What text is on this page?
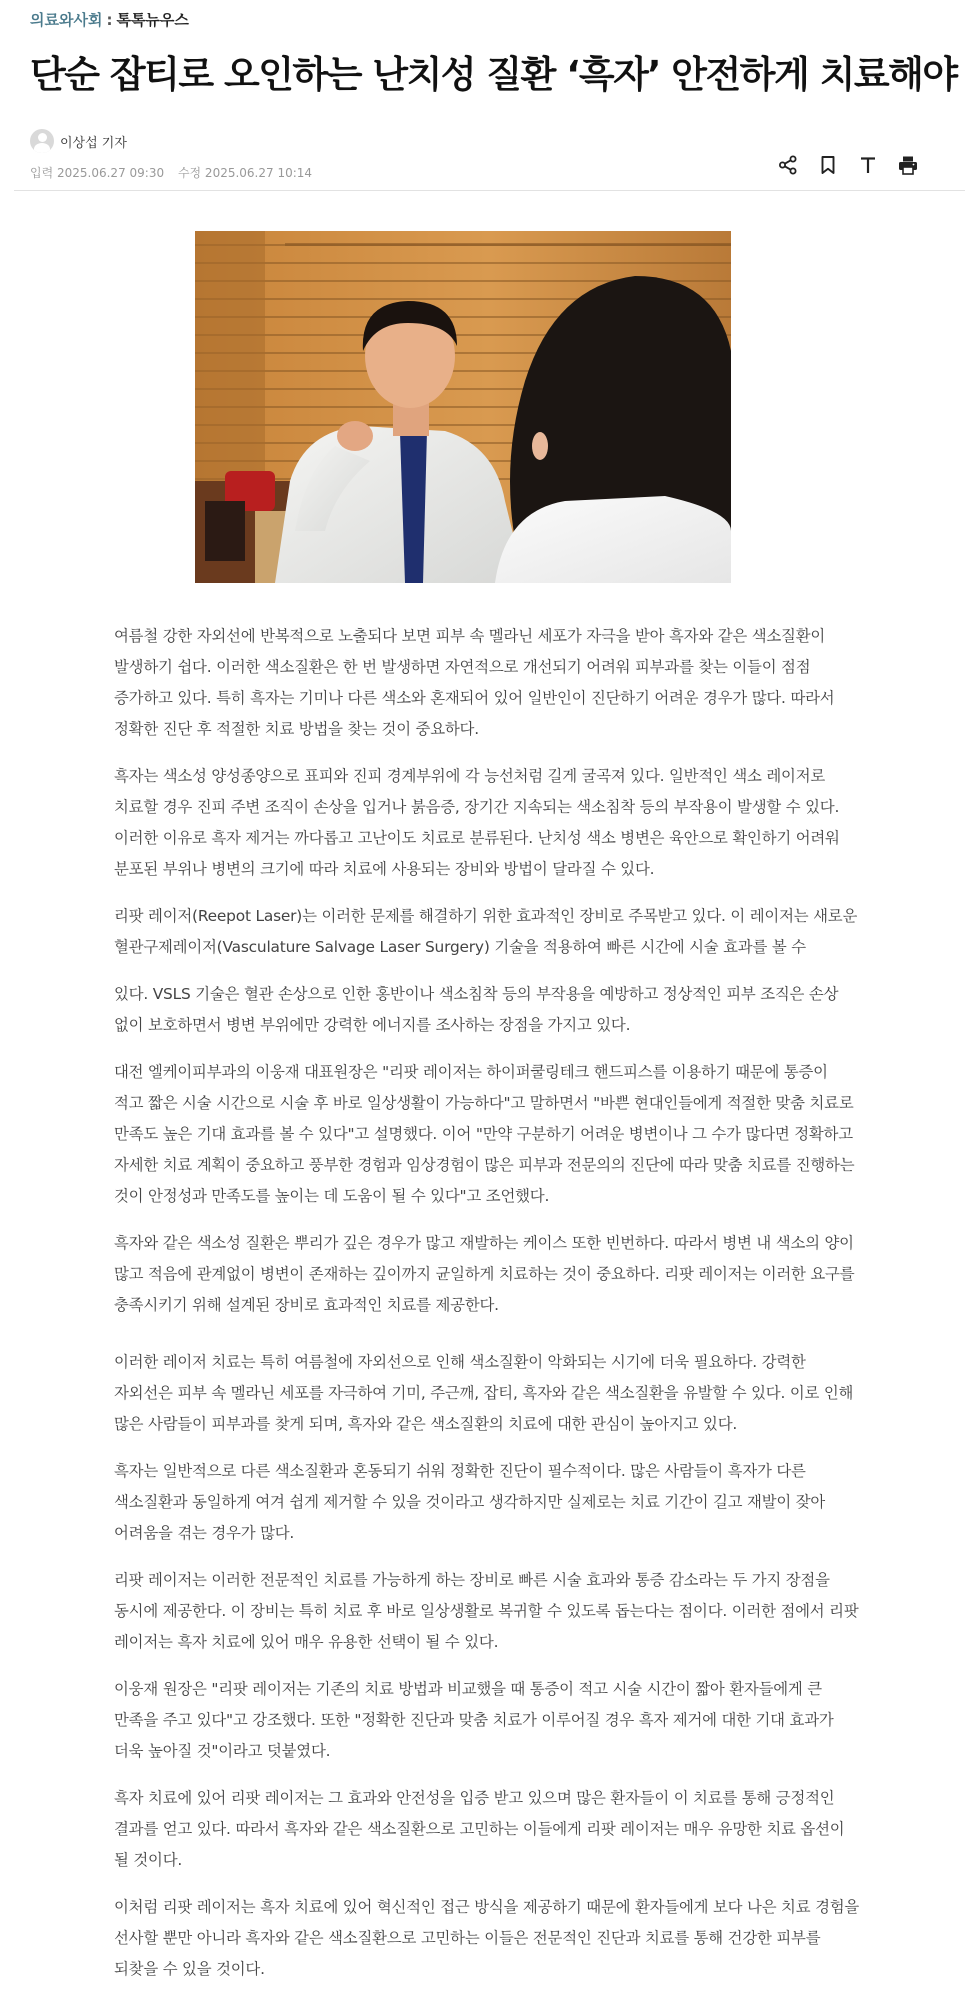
의료와사회 : 톡톡뉴우스
단순 잡티로 오인하는 난치성 질환 ‘흑자’ 안전하게 치료해야
이상섭 기자
입력 2025.06.27 09:30 수정 2025.06.27 10:14

여름철 강한 자외선에 반복적으로 노출되다 보면 피부 속 멜라닌 세포가 자극을 받아 흑자와 같은 색소질환이 발생하기 쉽다. 이러한 색소질환은 한 번 발생하면 자연적으로 개선되기 어려워 피부과를 찾는 이들이 점점 증가하고 있다. 특히 흑자는 기미나 다른 색소와 혼재되어 있어 일반인이 진단하기 어려운 경우가 많다. 따라서 정확한 진단 후 적절한 치료 방법을 찾는 것이 중요하다.

흑자는 색소성 양성종양으로 표피와 진피 경계부위에 각 능선처럼 길게 굴곡져 있다. 일반적인 색소 레이저로 치료할 경우 진피 주변 조직이 손상을 입거나 붉음증, 장기간 지속되는 색소침착 등의 부작용이 발생할 수 있다. 이러한 이유로 흑자 제거는 까다롭고 고난이도 치료로 분류된다. 난치성 색소 병변은 육안으로 확인하기 어려워 분포된 부위나 병변의 크기에 따라 치료에 사용되는 장비와 방법이 달라질 수 있다.

리팟 레이저(Reepot Laser)는 이러한 문제를 해결하기 위한 효과적인 장비로 주목받고 있다. 이 레이저는 새로운 혈관구제레이저(Vasculature Salvage Laser Surgery) 기술을 적용하여 빠른 시간에 시술 효과를 볼 수

있다. VSLS 기술은 혈관 손상으로 인한 홍반이나 색소침착 등의 부작용을 예방하고 정상적인 피부 조직은 손상 없이 보호하면서 병변 부위에만 강력한 에너지를 조사하는 장점을 가지고 있다.

대전 엘케이피부과의 이웅재 대표원장은 "리팟 레이저는 하이퍼쿨링테크 핸드피스를 이용하기 때문에 통증이 적고 짧은 시술 시간으로 시술 후 바로 일상생활이 가능하다"고 말하면서 "바쁜 현대인들에게 적절한 맞춤 치료로 만족도 높은 기대 효과를 볼 수 있다"고 설명했다. 이어 "만약 구분하기 어려운 병변이나 그 수가 많다면 정확하고 자세한 치료 계획이 중요하고 풍부한 경험과 임상경험이 많은 피부과 전문의의 진단에 따라 맞춤 치료를 진행하는 것이 안정성과 만족도를 높이는 데 도움이 될 수 있다"고 조언했다.

흑자와 같은 색소성 질환은 뿌리가 깊은 경우가 많고 재발하는 케이스 또한 빈번하다. 따라서 병변 내 색소의 양이 많고 적음에 관계없이 병변이 존재하는 깊이까지 균일하게 치료하는 것이 중요하다. 리팟 레이저는 이러한 요구를 충족시키기 위해 설계된 장비로 효과적인 치료를 제공한다.

이러한 레이저 치료는 특히 여름철에 자외선으로 인해 색소질환이 악화되는 시기에 더욱 필요하다. 강력한 자외선은 피부 속 멜라닌 세포를 자극하여 기미, 주근깨, 잡티, 흑자와 같은 색소질환을 유발할 수 있다. 이로 인해 많은 사람들이 피부과를 찾게 되며, 흑자와 같은 색소질환의 치료에 대한 관심이 높아지고 있다.

흑자는 일반적으로 다른 색소질환과 혼동되기 쉬워 정확한 진단이 필수적이다. 많은 사람들이 흑자가 다른 색소질환과 동일하게 여겨 쉽게 제거할 수 있을 것이라고 생각하지만 실제로는 치료 기간이 길고 재발이 잦아 어려움을 겪는 경우가 많다.

리팟 레이저는 이러한 전문적인 치료를 가능하게 하는 장비로 빠른 시술 효과와 통증 감소라는 두 가지 장점을 동시에 제공한다. 이 장비는 특히 치료 후 바로 일상생활로 복귀할 수 있도록 돕는다는 점이다. 이러한 점에서 리팟 레이저는 흑자 치료에 있어 매우 유용한 선택이 될 수 있다.

이웅재 원장은 "리팟 레이저는 기존의 치료 방법과 비교했을 때 통증이 적고 시술 시간이 짧아 환자들에게 큰 만족을 주고 있다"고 강조했다. 또한 "정확한 진단과 맞춤 치료가 이루어질 경우 흑자 제거에 대한 기대 효과가 더욱 높아질 것"이라고 덧붙였다.

흑자 치료에 있어 리팟 레이저는 그 효과와 안전성을 입증 받고 있으며 많은 환자들이 이 치료를 통해 긍정적인 결과를 얻고 있다. 따라서 흑자와 같은 색소질환으로 고민하는 이들에게 리팟 레이저는 매우 유망한 치료 옵션이 될 것이다.

이처럼 리팟 레이저는 흑자 치료에 있어 혁신적인 접근 방식을 제공하기 때문에 환자들에게 보다 나은 치료 경험을 선사할 뿐만 아니라 흑자와 같은 색소질환으로 고민하는 이들은 전문적인 진단과 치료를 통해 건강한 피부를 되찾을 수 있을 것이다.
